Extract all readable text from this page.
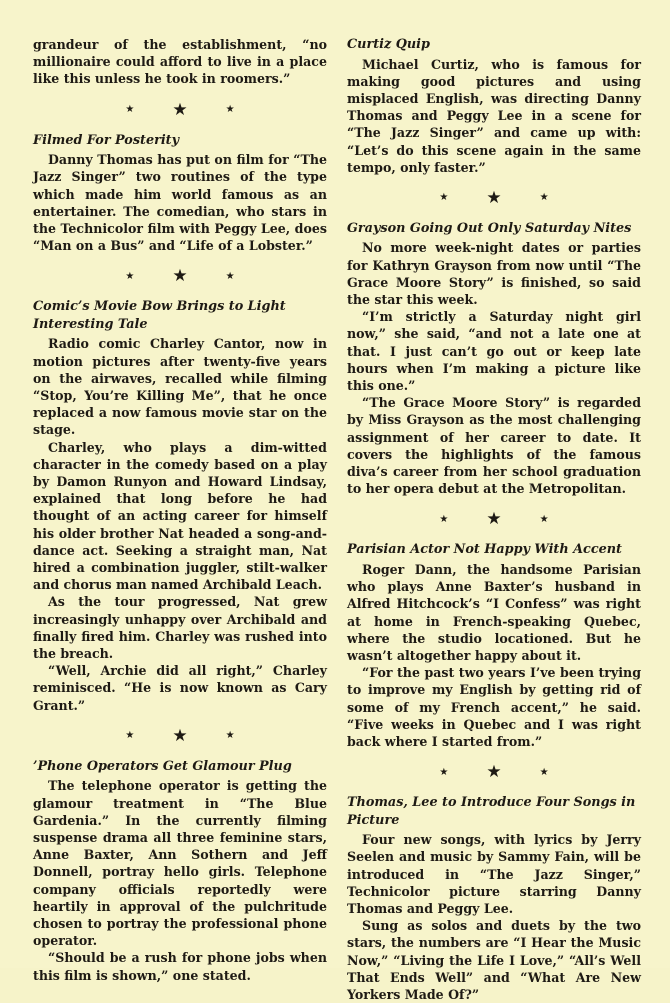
grandeur of the establishment, “no millionaire could afford to live in a place like this unless he took in roomers.”

★ ★	★
Filmed For Posterity

Danny Thomas has put on film for “The Jazz Singer” two routines of the type which made him world famous as an entertainer. The comedian, who stars in the Technicolor film with Peggy Lee, does “Man on a Bus” and “Life of a Lobster.”

★ ★	★
Comic’s Movie Bow Brings to Light Interesting Tale

Radio comic Charley Cantor, now in motion pictures after twenty-five years on the airwaves, recalled while filming “Stop, You’re Killing Me”, that he once replaced a now famous movie star on the stage.

Charley, who plays a dim-witted character in the comedy based on a play by Damon Runyon and Howard Lindsay, explained that long before he had thought of an acting career for himself his older brother Nat headed a song-and-dance act. Seeking a straight man, Nat hired a combination juggler, stilt-walker and chorus man named Archibald Leach.

As the tour progressed, Nat grew increasingly unhappy over Archibald and finally fired him. Charley was rushed into the breach.

“Well, Archie did all right,” Charley reminisced. “He is now known as Cary Grant.”

★ ★	★
’Phone Operators Get Glamour Plug

The telephone operator is getting the glamour treatment in “The Blue Gardenia.” In the currently filming suspense drama all three feminine stars, Anne Baxter, Ann Sothern and Jeff Donnell, portray hello girls. Telephone company officials reportedly were heartily in approval of the pulchritude chosen to portray the professional phone operator.

“Should be a rush for phone jobs when this film is shown,” one stated.

Curtiz Quip

Michael Curtiz, who is famous for making good pictures and using misplaced English, was directing Danny Thomas and Peggy Lee in a scene for “The Jazz Singer” and came up with: “Let’s do this scene again in the same tempo, only faster.”

★ ★	★
Grayson Going Out Only Saturday Nites

No more week-night dates or parties for Kathryn Grayson from now until “The Grace Moore Story” is finished, so said the star this week.

“I’m strictly a Saturday night girl now,” she said, “and not a late one at that. I just can’t go out or keep late hours when I’m making a picture like this one.”

“The Grace Moore Story” is regarded by Miss Grayson as the most challenging assignment of her career to date. It covers the highlights of the famous diva’s career from her school graduation to her opera debut at the Metropolitan.

★ ★	★
Parisian Actor Not Happy With Accent

Roger Dann, the handsome Parisian who plays Anne Baxter’s husband in Alfred Hitchcock’s “I Confess” was right at home in French-speaking Quebec, where the studio locationed. But he wasn’t altogether happy about it.

“For the past two years I’ve been trying to improve my English by getting rid of some of my French accent,” he said. “Five weeks in Quebec and I was right back where I started from.”

★ ★	★
Thomas, Lee to Introduce Four Songs in Picture

Four new songs, with lyrics by Jerry Seelen and music by Sammy Fain, will be introduced in “The Jazz Singer,” Technicolor picture starring Danny Thomas and Peggy Lee.

Sung as solos and duets by the two stars, the numbers are “I Hear the Music Now,” “Living the Life I Love,” “All’s Well That Ends Well” and “What Are New Yorkers Made Of?”
